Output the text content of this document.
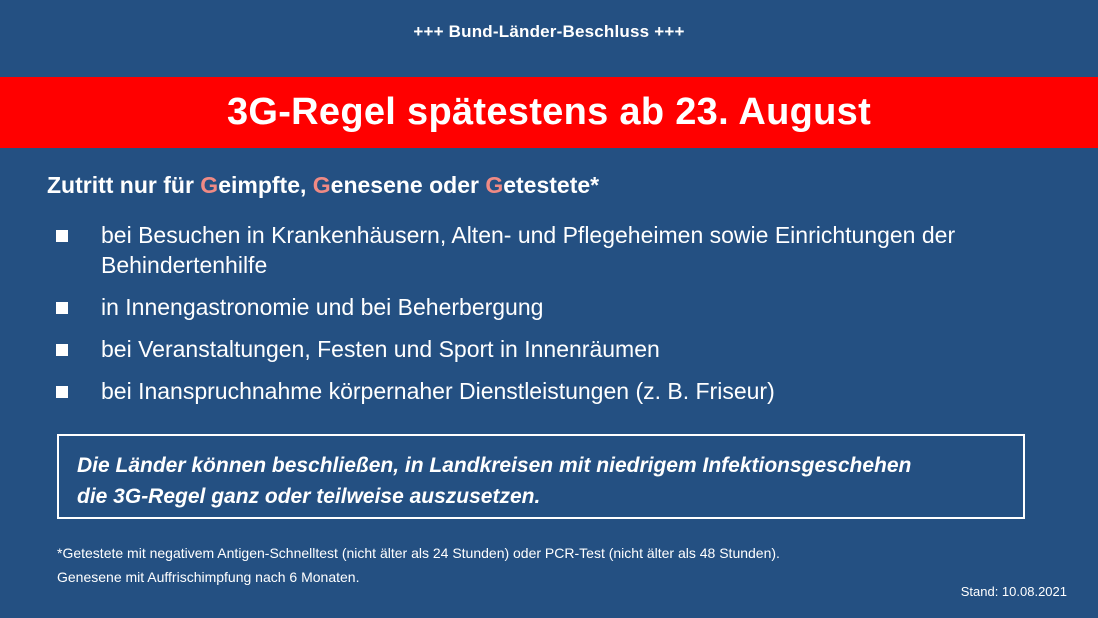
+++ Bund-Länder-Beschluss +++
3G-Regel spätestens ab 23. August
Zutritt nur für Geimpfte, Genesene oder Getestete*
bei Besuchen in Krankenhäusern, Alten- und Pflegeheimen sowie Einrichtungen der Behindertenhilfe
in Innengastronomie und bei Beherbergung
bei Veranstaltungen, Festen und Sport in Innenräumen
bei Inanspruchnahme körpernaher Dienstleistungen (z. B. Friseur)
Die Länder können beschließen, in Landkreisen mit niedrigem Infektionsgeschehen
die 3G-Regel ganz oder teilweise auszusetzen.
*Getestete mit negativem Antigen-Schnelltest (nicht älter als 24 Stunden) oder PCR-Test (nicht älter als 48 Stunden).
Genesene mit Auffrischimpfung nach 6 Monaten.
Stand: 10.08.2021
